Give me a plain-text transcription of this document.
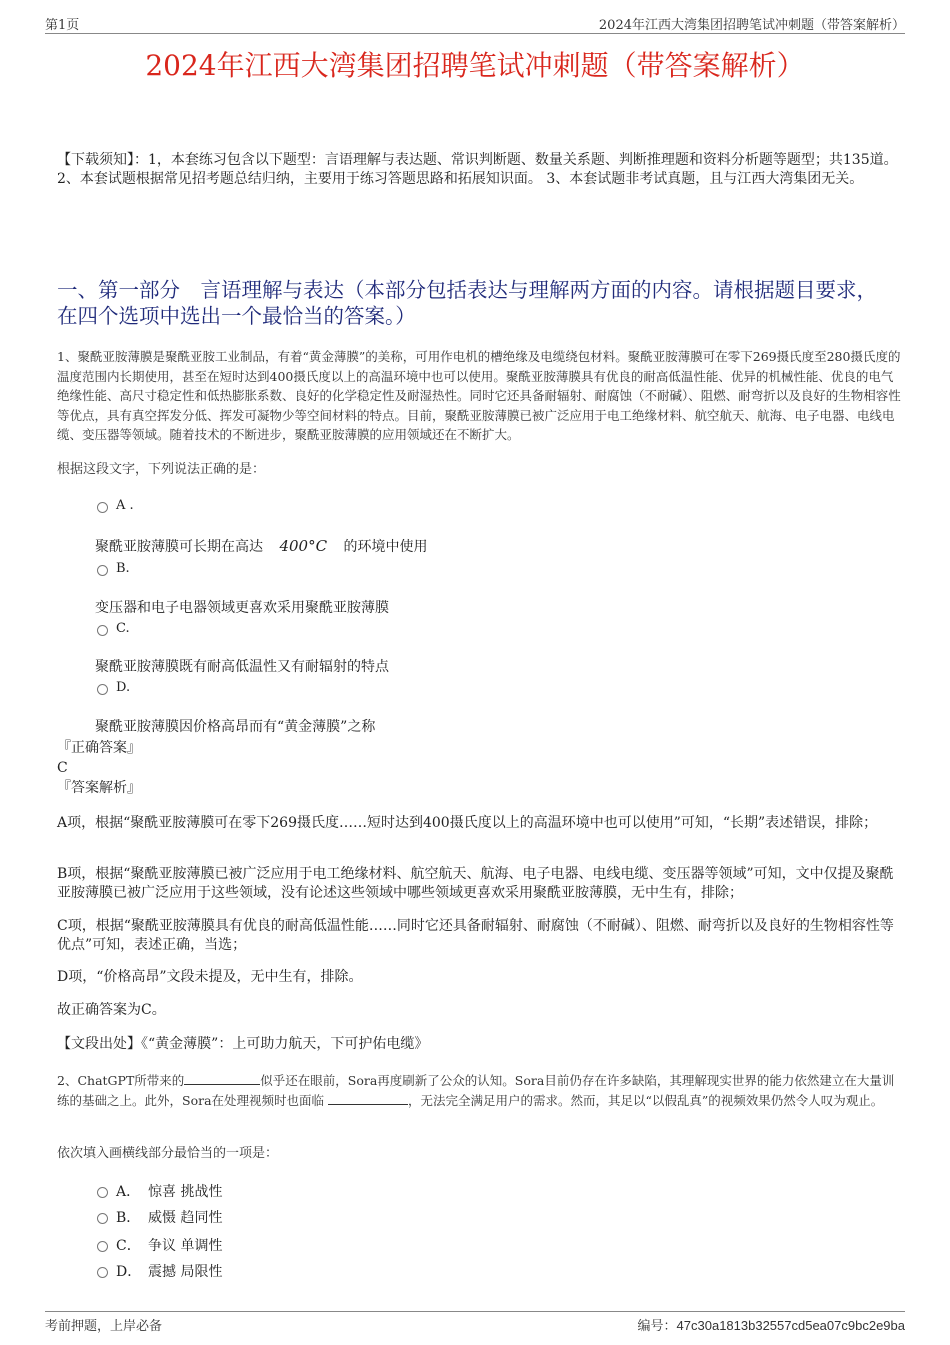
第1页	2024年江西大湾集团招聘笔试冲刺题（带答案解析）
2024年江西大湾集团招聘笔试冲刺题（带答案解析）
【下载须知】：1，本套练习包含以下题型：言语理解与表达题、常识判断题、数量关系题、判断推理题和资料分析题等题型；共135道。 2、本套试题根据常见招考题总结归纳，主要用于练习答题思路和拓展知识面。 3、本套试题非考试真题，且与江西大湾集团无关。
一、第一部分　言语理解与表达（本部分包括表达与理解两方面的内容。请根据题目要求，在四个选项中选出一个最恰当的答案。）
1、聚酰亚胺薄膜是聚酰亚胺工业制品，有着“黄金薄膜”的美称，可用作电机的槽绝缘及电缆绕包材料。聚酰亚胺薄膜可在零下269摄氏度至280摄氏度的温度范围内长期使用，甚至在短时达到400摄氏度以上的高温环境中也可以使用。聚酰亚胺薄膜具有优良的耐高低温性能、优异的机械性能、优良的电气绝缘性能、高尺寸稳定性和低热膨胀系数、良好的化学稳定性及耐湿热性。同时它还具备耐辐射、耐腐蚀（不耐碱）、阻燃、耐弯折以及良好的生物相容性等优点，具有真空挥发分低、挥发可凝物少等空间材料的特点。目前，聚酰亚胺薄膜已被广泛应用于电工绝缘材料、航空航天、航海、电子电器、电线电缆、变压器等领域。随着技术的不断进步，聚酰亚胺薄膜的应用领域还在不断扩大。
根据这段文字，下列说法正确的是：
A .
聚酰亚胺薄膜可长期在高达 400°C 的环境中使用
B.
变压器和电子电器领域更喜欢采用聚酰亚胺薄膜
C.
聚酰亚胺薄膜既有耐高低温性又有耐辐射的特点
D.
聚酰亚胺薄膜因价格高昂而有“黄金薄膜”之称
『正确答案』
C
『答案解析』
A项，根据“聚酰亚胺薄膜可在零下269摄氏度……短时达到400摄氏度以上的高温环境中也可以使用”可知，“长期”表述错误，排除；
B项，根据“聚酰亚胺薄膜已被广泛应用于电工绝缘材料、航空航天、航海、电子电器、电线电缆、变压器等领域”可知，文中仅提及聚酰亚胺薄膜已被广泛应用于这些领域，没有论述这些领域中哪些领域更喜欢采用聚酰亚胺薄膜，无中生有，排除；
C项，根据“聚酰亚胺薄膜具有优良的耐高低温性能……同时它还具备耐辐射、耐腐蚀（不耐碱）、阻燃、耐弯折以及良好的生物相容性等优点”可知，表述正确，当选；
D项，“价格高昂”文段未提及，无中生有，排除。
故正确答案为C。
【文段出处】《“黄金薄膜”：上可助力航天，下可护佑电缆》
2、ChatGPT所带来的	似乎还在眼前，Sora再度刷新了公众的认知。Sora目前仍存在许多缺陷，其理解现实世界的能力依然建立在大量训练的基础之上。此外，Sora在处理视频时也面临	，无法完全满足用户的需求。然而，其足以“以假乱真”的视频效果仍然令人叹为观止。
依次填入画横线部分最恰当的一项是：
A． 惊喜 挑战性
B． 威慑 趋同性
C． 争议 单调性
D． 震撼 局限性
考前押题，上岸必备	编号：47c30a1813b32557cd5ea07c9bc2e9ba
